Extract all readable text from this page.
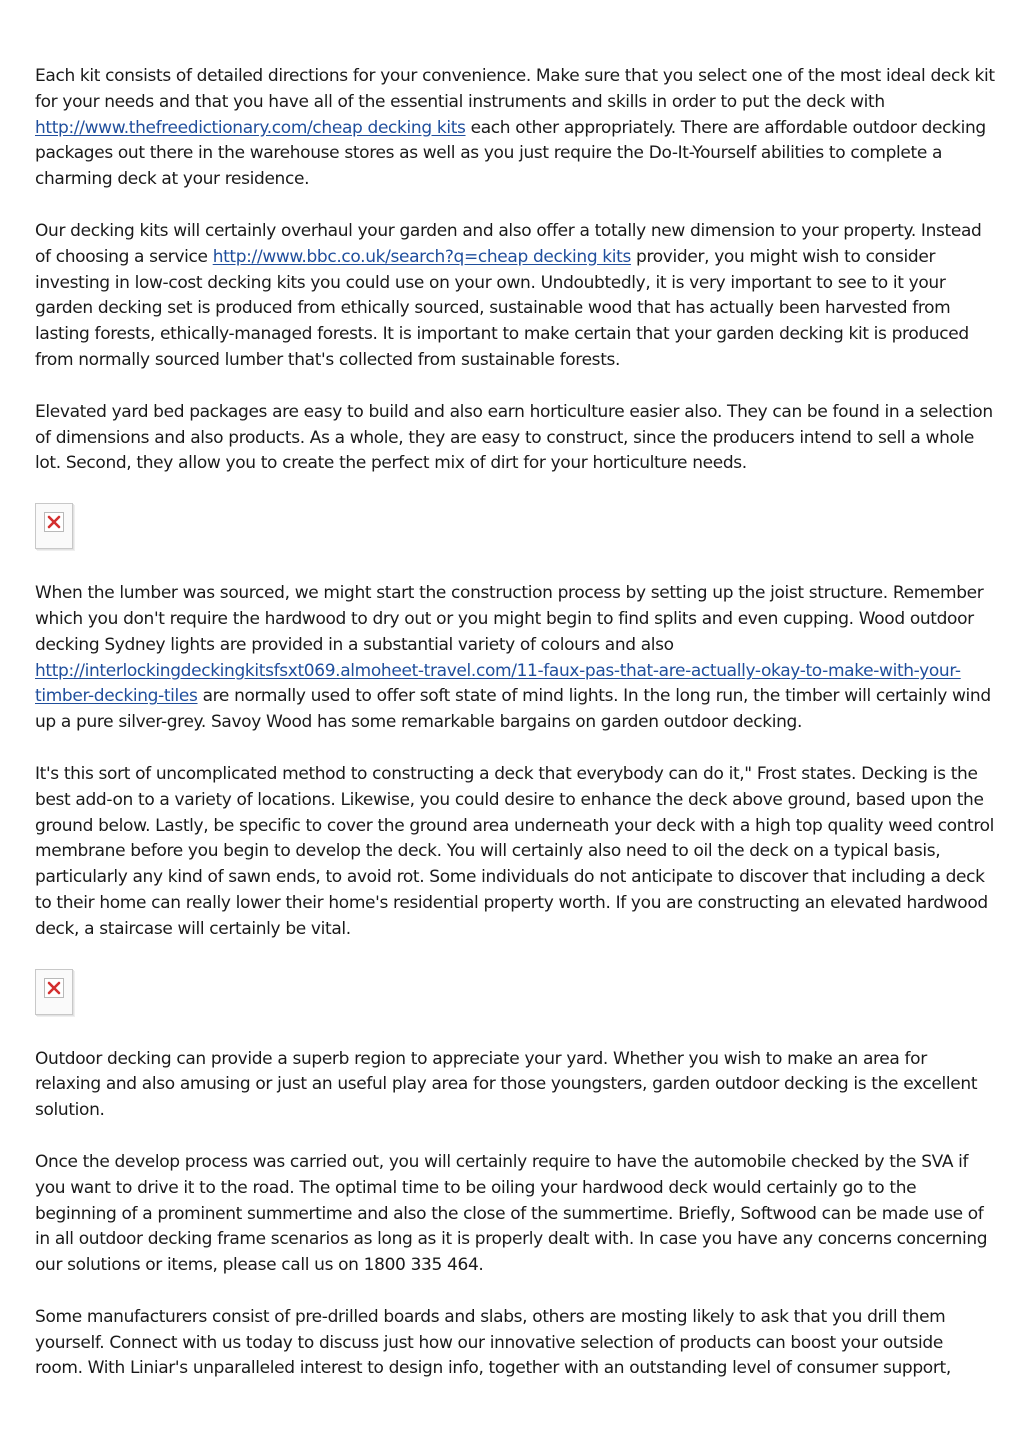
Each kit consists of detailed directions for your convenience. Make sure that you select one of the most ideal deck kit for your needs and that you have all of the essential instruments and skills in order to put the deck with http://www.thefreedictionary.com/cheap decking kits each other appropriately. There are affordable outdoor decking packages out there in the warehouse stores as well as you just require the Do-It-Yourself abilities to complete a charming deck at your residence.

Our decking kits will certainly overhaul your garden and also offer a totally new dimension to your property. Instead of choosing a service http://www.bbc.co.uk/search?q=cheap decking kits provider, you might wish to consider investing in low-cost decking kits you could use on your own. Undoubtedly, it is very important to see to it your garden decking set is produced from ethically sourced, sustainable wood that has actually been harvested from lasting forests, ethically-managed forests. It is important to make certain that your garden decking kit is produced from normally sourced lumber that's collected from sustainable forests.

Elevated yard bed packages are easy to build and also earn horticulture easier also. They can be found in a selection of dimensions and also products. As a whole, they are easy to construct, since the producers intend to sell a whole lot. Second, they allow you to create the perfect mix of dirt for your horticulture needs.

When the lumber was sourced, we might start the construction process by setting up the joist structure. Remember which you don't require the hardwood to dry out or you might begin to find splits and even cupping. Wood outdoor decking Sydney lights are provided in a substantial variety of colours and also http://interlockingdeckingkitsfsxt069.almoheet-travel.com/11-faux-pas-that-are-actually-okay-to-make-with-your-timber-decking-tiles are normally used to offer soft state of mind lights. In the long run, the timber will certainly wind up a pure silver-grey. Savoy Wood has some remarkable bargains on garden outdoor decking.

It's this sort of uncomplicated method to constructing a deck that everybody can do it," Frost states. Decking is the best add-on to a variety of locations. Likewise, you could desire to enhance the deck above ground, based upon the ground below. Lastly, be specific to cover the ground area underneath your deck with a high top quality weed control membrane before you begin to develop the deck. You will certainly also need to oil the deck on a typical basis, particularly any kind of sawn ends, to avoid rot. Some individuals do not anticipate to discover that including a deck to their home can really lower their home's residential property worth. If you are constructing an elevated hardwood deck, a staircase will certainly be vital.

Outdoor decking can provide a superb region to appreciate your yard. Whether you wish to make an area for relaxing and also amusing or just an useful play area for those youngsters, garden outdoor decking is the excellent solution.

Once the develop process was carried out, you will certainly require to have the automobile checked by the SVA if you want to drive it to the road. The optimal time to be oiling your hardwood deck would certainly go to the beginning of a prominent summertime and also the close of the summertime. Briefly, Softwood can be made use of in all outdoor decking frame scenarios as long as it is properly dealt with. In case you have any concerns concerning our solutions or items, please call us on 1800 335 464.

Some manufacturers consist of pre-drilled boards and slabs, others are mosting likely to ask that you drill them yourself. Connect with us today to discuss just how our innovative selection of products can boost your outside room. With Liniar's unparalleled interest to design info, together with an outstanding level of consumer support,
